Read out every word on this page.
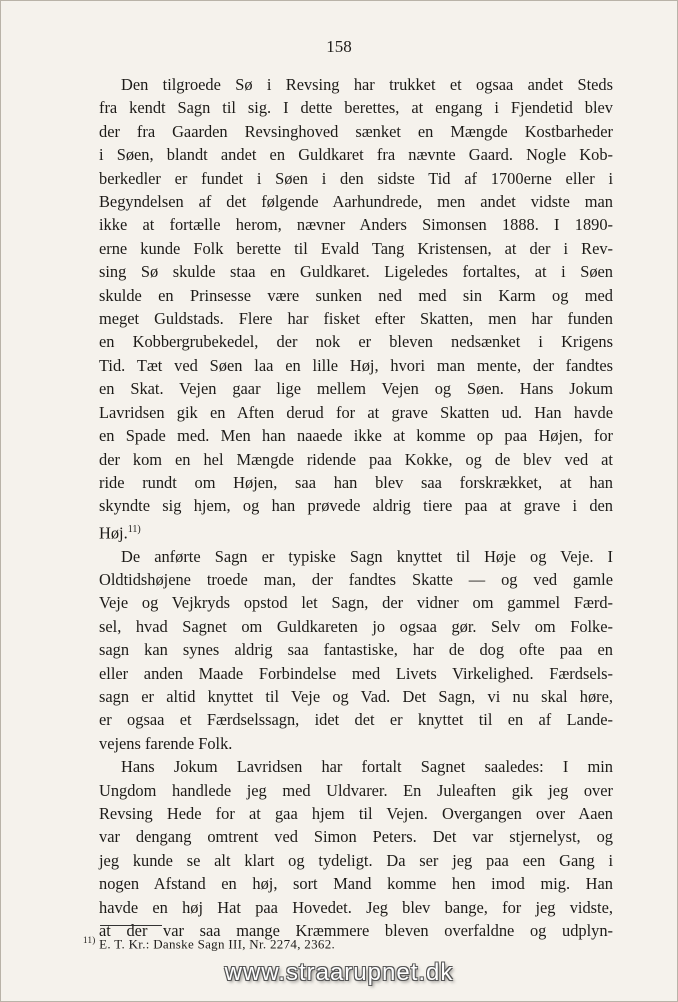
158
Den tilgroede Sø i Revsing har trukket et ogsaa andet Steds
fra kendt Sagn til sig. I dette berettes, at engang i Fjendetid blev
der fra Gaarden Revsinghoved sænket en Mængde Kostbarheder
i Søen, blandt andet en Guldkaret fra nævnte Gaard. Nogle Kob-
berkedler er fundet i Søen i den sidste Tid af 1700erne eller i
Begyndelsen af det følgende Aarhundrede, men andet vidste man
ikke at fortælle herom, nævner Anders Simonsen 1888. I 1890-
erne kunde Folk berette til Evald Tang Kristensen, at der i Rev-
sing Sø skulde staa en Guldkaret. Ligeledes fortaltes, at i Søen
skulde en Prinsesse være sunken ned med sin Karm og med
meget Guldstads. Flere har fisket efter Skatten, men har funden
en Kobbergrubekedel, der nok er bleven nedsænket i Krigens
Tid. Tæt ved Søen laa en lille Høj, hvori man mente, der fandtes
en Skat. Vejen gaar lige mellem Vejen og Søen. Hans Jokum
Lavridsen gik en Aften derud for at grave Skatten ud. Han havde
en Spade med. Men han naaede ikke at komme op paa Højen, for
der kom en hel Mængde ridende paa Kokke, og de blev ved at
ride rundt om Højen, saa han blev saa forskrækket, at han
skyndte sig hjem, og han prøvede aldrig tiere paa at grave i den
Høj.$^{11)}$
De anførte Sagn er typiske Sagn knyttet til Høje og Veje. I
Oldtidshøjene troede man, der fandtes Skatte — og ved gamle
Veje og Vejkryds opstod let Sagn, der vidner om gammel Færd-
sel, hvad Sagnet om Guldkareten jo ogsaa gør. Selv om Folke-
sagn kan synes aldrig saa fantastiske, har de dog ofte paa en
eller anden Maade Forbindelse med Livets Virkelighed. Færdsels-
sagn er altid knyttet til Veje og Vad. Det Sagn, vi nu skal høre,
er ogsaa et Færdselssagn, idet det er knyttet til en af Lande-
vejens farende Folk.
Hans Jokum Lavridsen har fortalt Sagnet saaledes: I min
Ungdom handlede jeg med Uldvarer. En Juleaften gik jeg over
Revsing Hede for at gaa hjem til Vejen. Overgangen over Aaen
var dengang omtrent ved Simon Peters. Det var stjernelyst, og
jeg kunde se alt klart og tydeligt. Da ser jeg paa een Gang i
nogen Afstand en høj, sort Mand komme hen imod mig. Han
havde en høj Hat paa Hovedet. Jeg blev bange, for jeg vidste,
at der var saa mange Kræmmere bleven overfaldne og udplyn-
$^{11)}$ E. T. Kr.: Danske Sagn III, Nr. 2274, 2362.
www.straarupnet.dk
